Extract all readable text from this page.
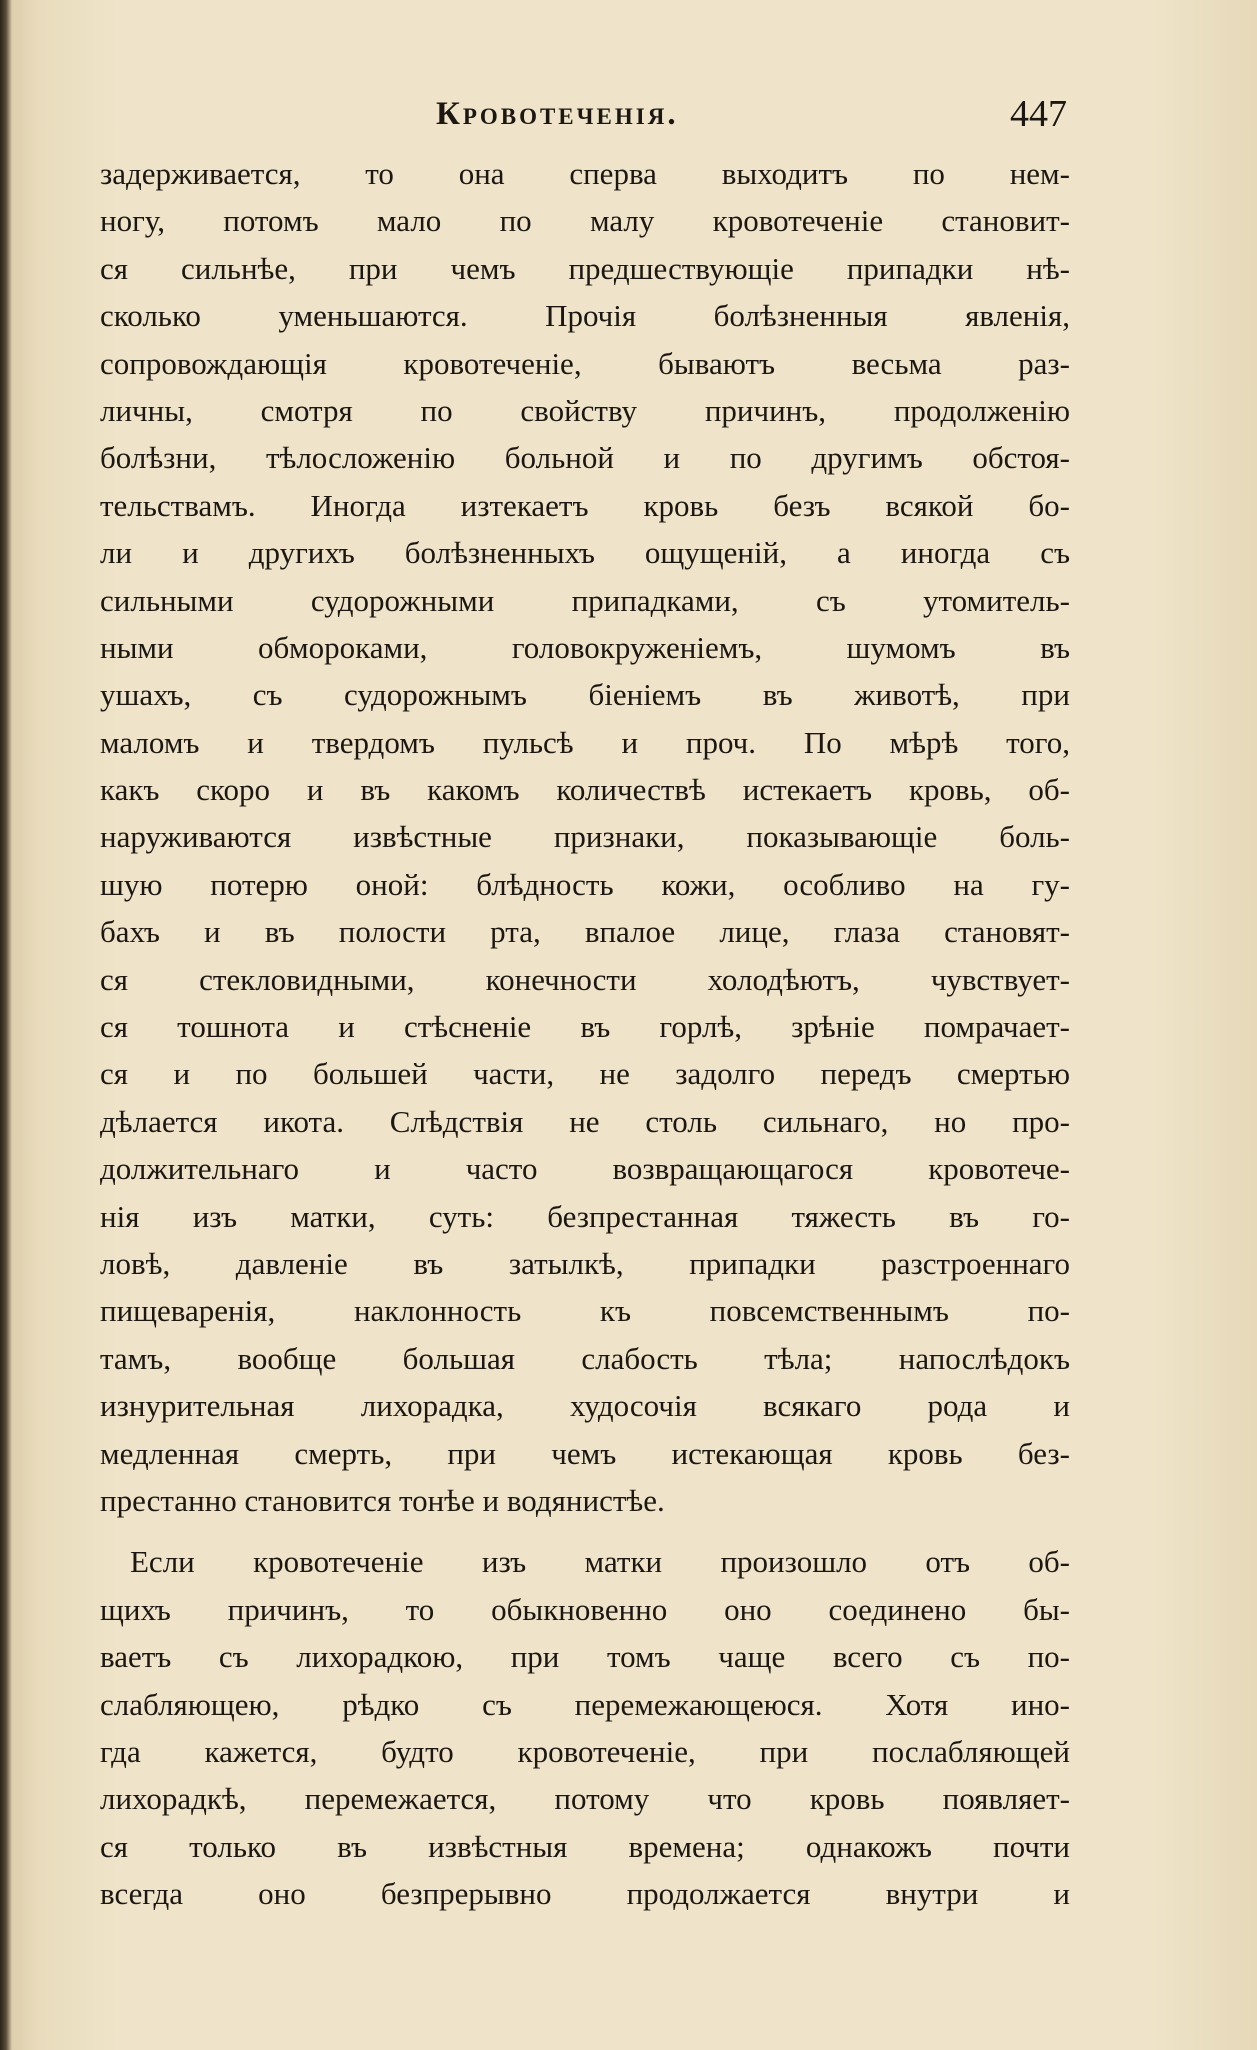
Кровотеченія.	447
задерживается, то она сперва выходитъ по нем-
ногу, потомъ мало по малу кровотеченіе становит-
ся сильнѣе, при чемъ предшествующіе припадки нѣ-
сколько уменьшаются. Прочія болѣзненныя явленія,
сопровождающія кровотеченіе, бываютъ весьма раз-
личны, смотря по свойству причинъ, продолженію
болѣзни, тѣлосложенію больной и по другимъ обстоя-
тельствамъ. Иногда изтекаетъ кровь безъ всякой бо-
ли и другихъ болѣзненныхъ ощущеній, а иногда съ
сильными судорожными припадками, съ утомитель-
ными обмороками, головокруженіемъ, шумомъ въ
ушахъ, съ судорожнымъ біеніемъ въ животѣ, при
маломъ и твердомъ пульсѣ и проч. По мѣрѣ того,
какъ скоро и въ какомъ количествѣ истекаетъ кровь, об-
наруживаются извѣстные признаки, показывающіе боль-
шую потерю оной: блѣдность кожи, особливо на гу-
бахъ и въ полости рта, впалое лице, глаза становят-
ся стекловидными, конечности холодѣютъ, чувствует-
ся тошнота и стѣсненіе въ горлѣ, зрѣніе помрачает-
ся и по большей части, не задолго передъ смертью
дѣлается икота. Слѣдствія не столь сильнаго, но про-
должительнаго и часто возвращающагося кровотече-
нія изъ матки, суть: безпрестанная тяжесть въ го-
ловѣ, давленіе въ затылкѣ, припадки разстроеннаго
пищеваренія, наклонность къ повсемственнымъ по-
тамъ, вообще большая слабость тѣла; напослѣдокъ
изнурительная лихорадка, худосочія всякаго рода и
медленная смерть, при чемъ истекающая кровь без-
престанно становится тонѣе и водянистѣе.
Если кровотеченіе изъ матки произошло отъ об-
щихъ причинъ, то обыкновенно оно соединено бы-
ваетъ съ лихорадкою, при томъ чаще всего съ по-
слабляющею, рѣдко съ перемежающеюся. Хотя ино-
гда кажется, будто кровотеченіе, при послабляющей
лихорадкѣ, перемежается, потому что кровь появляет-
ся только въ извѣстныя времена; однакожъ почти
всегда оно безпрерывно продолжается внутри и
